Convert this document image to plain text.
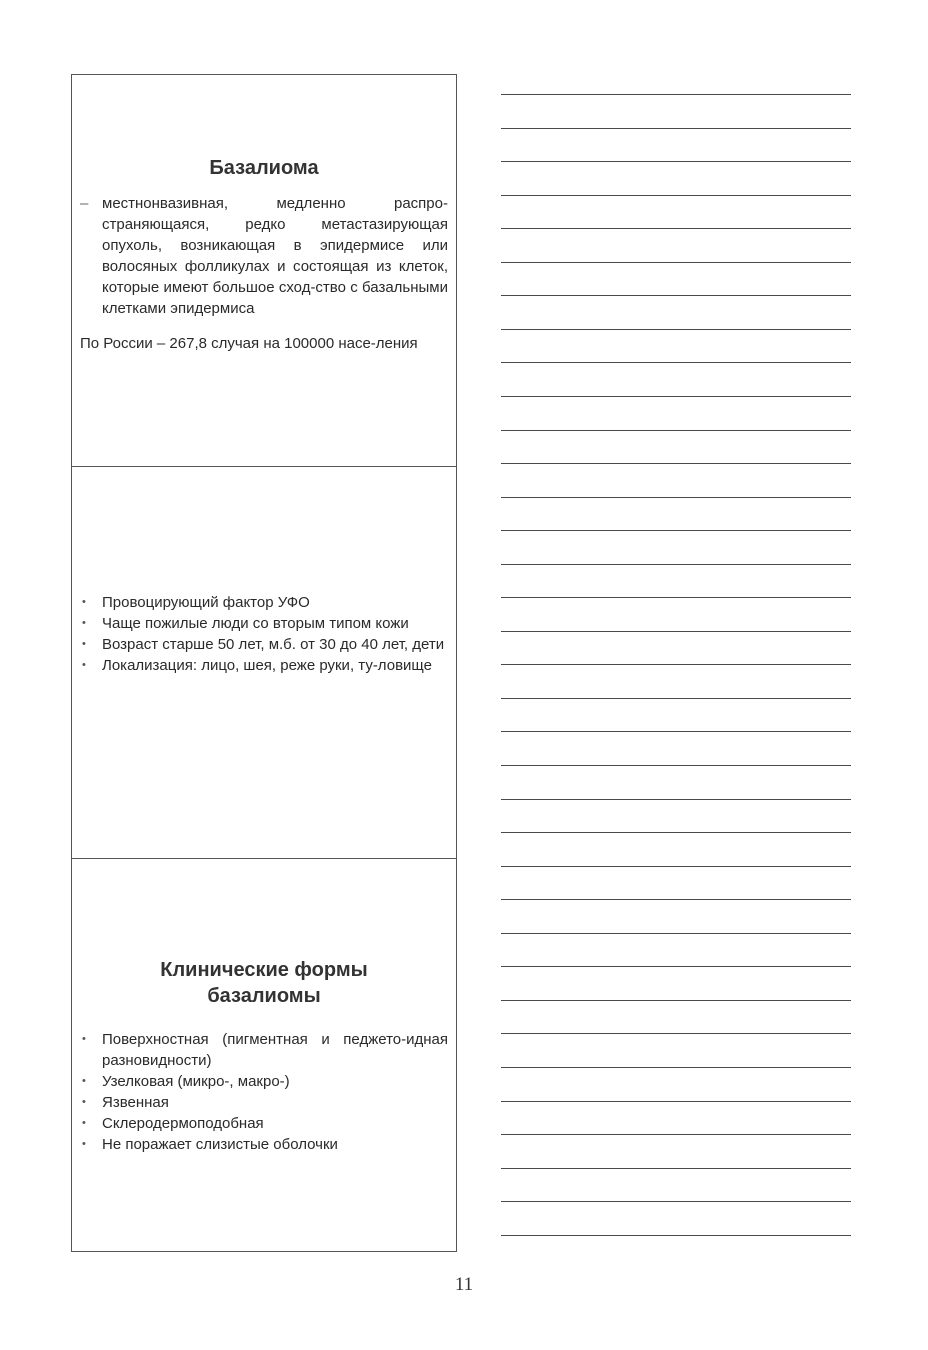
Базалиома

– местнонвазивная, медленно распро-страняющаяся, редко метастазирующая опухоль, возникающая в эпидермисе или волосяных фолликулах и состоящая из клеток, которые имеют большое сход-ство с базальными клетками эпидермиса

По России – 267,8 случая на 100000 насе-ления

•	Провоцирующий фактор УФО
•	Чаще пожилые люди со вторым типом кожи
•	Возраст старше 50 лет, м.б. от 30 до 40 лет, дети
•	Локализация: лицо, шея, реже руки, ту-ловище

Клинические формы
базалиомы

•	Поверхностная (пигментная и педжето-идная разновидности)
•	Узелковая (микро-, макро-)
•	Язвенная
•	Склеродермоподобная
•	Не поражает слизистые оболочки
11
